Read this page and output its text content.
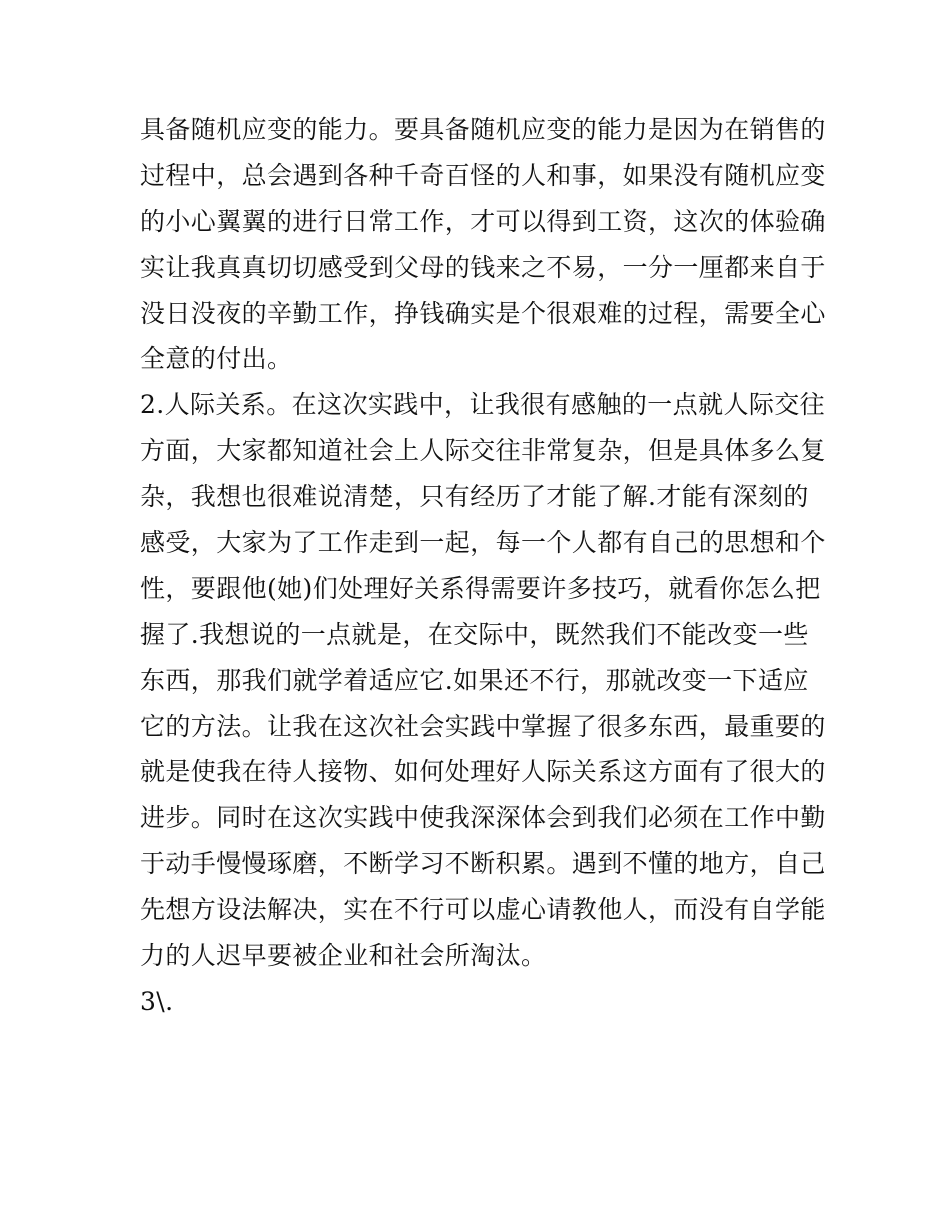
具备随机应变的能力。要具备随机应变的能力是因为在销售的
过程中，总会遇到各种千奇百怪的人和事，如果没有随机应变
的小心翼翼的进行日常工作，才可以得到工资，这次的体验确
实让我真真切切感受到父母的钱来之不易，一分一厘都来自于
没日没夜的辛勤工作，挣钱确实是个很艰难的过程，需要全心
全意的付出。
2.人际关系。在这次实践中，让我很有感触的一点就人际交往
方面，大家都知道社会上人际交往非常复杂，但是具体多么复
杂，我想也很难说清楚，只有经历了才能了解.才能有深刻的
感受，大家为了工作走到一起，每一个人都有自己的思想和个
性，要跟他(她)们处理好关系得需要许多技巧，就看你怎么把
握了.我想说的一点就是，在交际中，既然我们不能改变一些
东西，那我们就学着适应它.如果还不行，那就改变一下适应
它的方法。让我在这次社会实践中掌握了很多东西，最重要的
就是使我在待人接物、如何处理好人际关系这方面有了很大的
进步。同时在这次实践中使我深深体会到我们必须在工作中勤
于动手慢慢琢磨，不断学习不断积累。遇到不懂的地方，自己
先想方设法解决，实在不行可以虚心请教他人，而没有自学能
力的人迟早要被企业和社会所淘汰。
3\.
